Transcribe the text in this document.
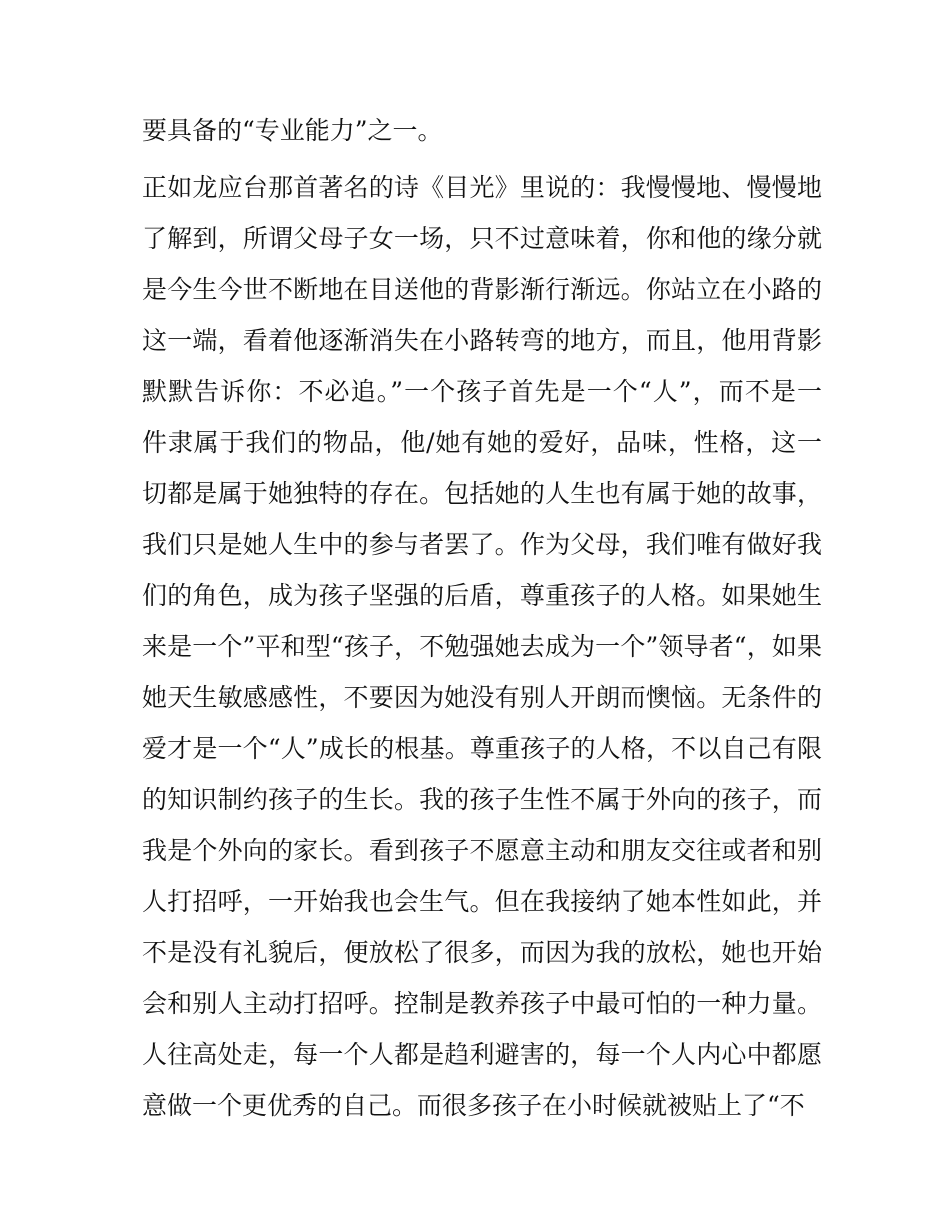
要具备的“专业能力”之一。
正如龙应台那首著名的诗《目光》里说的：我慢慢地、慢慢地
了解到，所谓父母子女一场，只不过意味着，你和他的缘分就
是今生今世不断地在目送他的背影渐行渐远。你站立在小路的
这一端，看着他逐渐消失在小路转弯的地方，而且，他用背影
默默告诉你：不必追。”一个孩子首先是一个“人”，而不是一
件隶属于我们的物品，他/她有她的爱好，品味，性格，这一
切都是属于她独特的存在。包括她的人生也有属于她的故事，
我们只是她人生中的参与者罢了。作为父母，我们唯有做好我
们的角色，成为孩子坚强的后盾，尊重孩子的人格。如果她生
来是一个”平和型“孩子，不勉强她去成为一个”领导者“，如果
她天生敏感感性，不要因为她没有别人开朗而懊恼。无条件的
爱才是一个“人”成长的根基。尊重孩子的人格，不以自己有限
的知识制约孩子的生长。我的孩子生性不属于外向的孩子，而
我是个外向的家长。看到孩子不愿意主动和朋友交往或者和别
人打招呼，一开始我也会生气。但在我接纳了她本性如此，并
不是没有礼貌后，便放松了很多，而因为我的放松，她也开始
会和别人主动打招呼。控制是教养孩子中最可怕的一种力量。
人往高处走，每一个人都是趋利避害的，每一个人内心中都愿
意做一个更优秀的自己。而很多孩子在小时候就被贴上了“不
